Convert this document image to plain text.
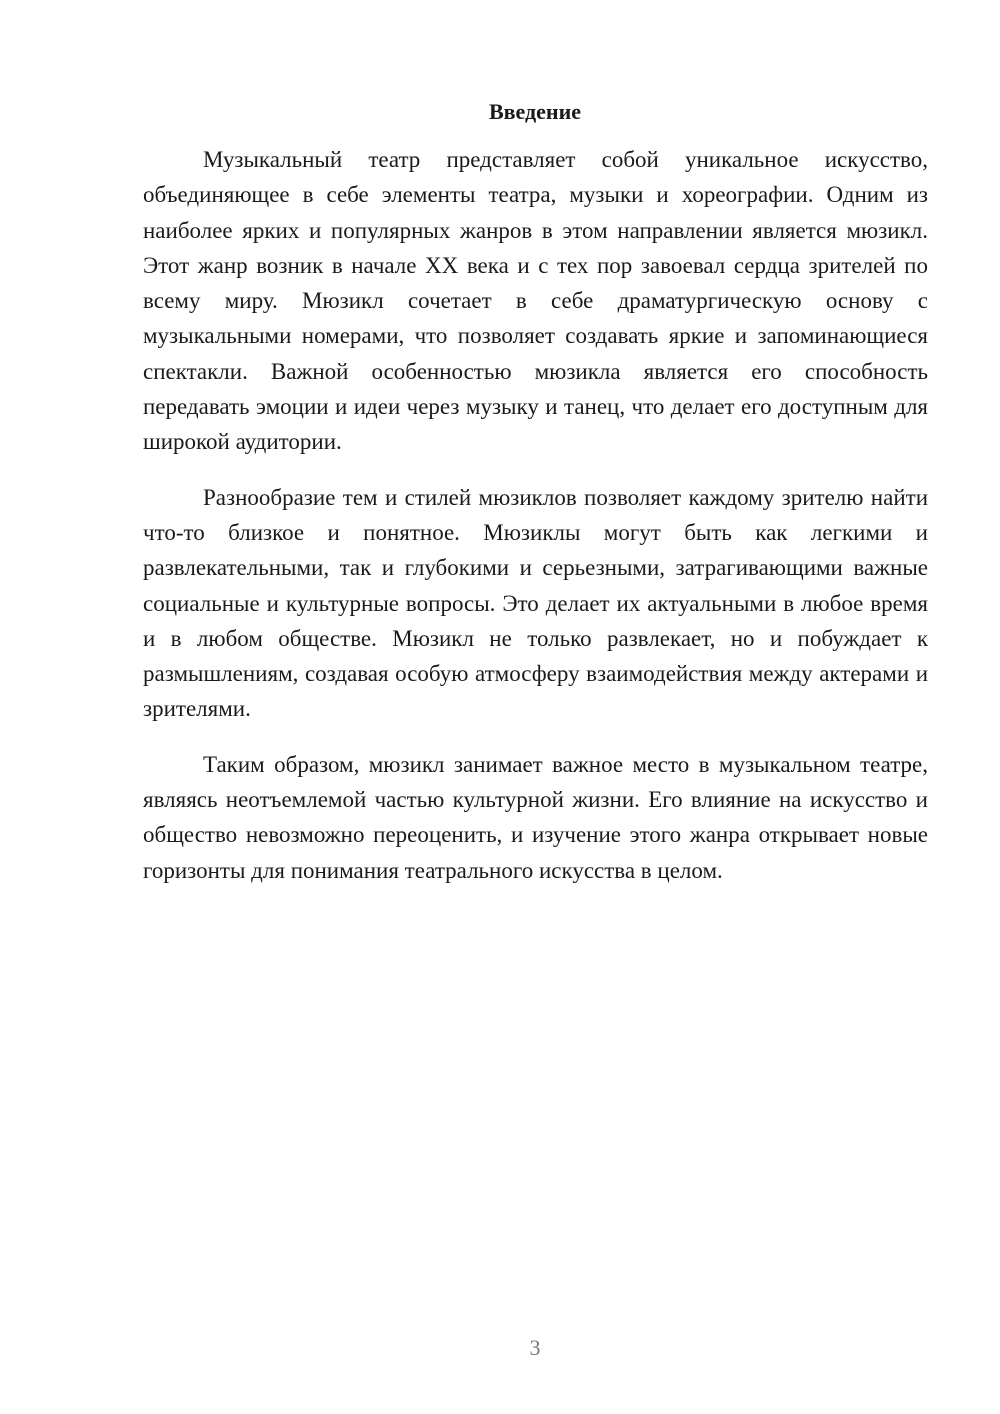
Введение

Музыкальный театр представляет собой уникальное искусство, объединяющее в себе элементы театра, музыки и хореографии. Одним из наиболее ярких и популярных жанров в этом направлении является мюзикл. Этот жанр возник в начале XX века и с тех пор завоевал сердца зрителей по всему миру. Мюзикл сочетает в себе драматургическую основу с музыкальными номерами, что позволяет создавать яркие и запоминающиеся спектакли. Важной особенностью мюзикла является его способность передавать эмоции и идеи через музыку и танец, что делает его доступным для широкой аудитории.

Разнообразие тем и стилей мюзиклов позволяет каждому зрителю найти что-то близкое и понятное. Мюзиклы могут быть как легкими и развлекательными, так и глубокими и серьезными, затрагивающими важные социальные и культурные вопросы. Это делает их актуальными в любое время и в любом обществе. Мюзикл не только развлекает, но и побуждает к размышлениям, создавая особую атмосферу взаимодействия между актерами и зрителями.

Таким образом, мюзикл занимает важное место в музыкальном театре, являясь неотъемлемой частью культурной жизни. Его влияние на искусство и общество невозможно переоценить, и изучение этого жанра открывает новые горизонты для понимания театрального искусства в целом.

3
